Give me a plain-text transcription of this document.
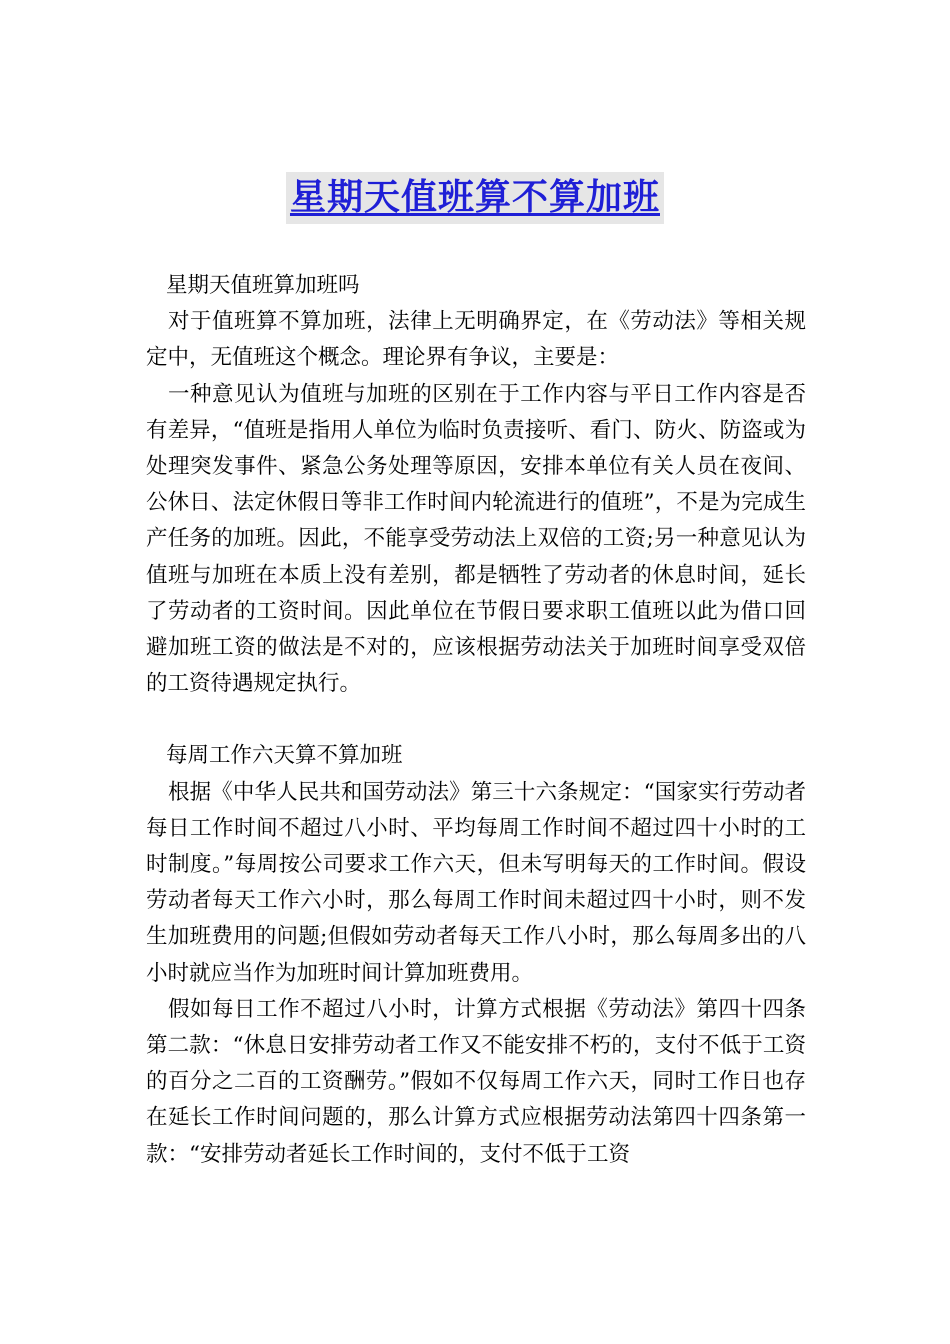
星期天值班算不算加班

星期天值班算加班吗

对于值班算不算加班，法律上无明确界定，在《劳动法》等相关规定中，无值班这个概念。理论界有争议，主要是：

一种意见认为值班与加班的区别在于工作内容与平日工作内容是否有差异，“值班是指用人单位为临时负责接听、看门、防火、防盗或为处理突发事件、紧急公务处理等原因，安排本单位有关人员在夜间、公休日、法定休假日等非工作时间内轮流进行的值班”，不是为完成生产任务的加班。因此，不能享受劳动法上双倍的工资;另一种意见认为值班与加班在本质上没有差别，都是牺牲了劳动者的休息时间，延长了劳动者的工资时间。因此单位在节假日要求职工值班以此为借口回避加班工资的做法是不对的，应该根据劳动法关于加班时间享受双倍的工资待遇规定执行。

每周工作六天算不算加班

根据《中华人民共和国劳动法》第三十六条规定：“国家实行劳动者每日工作时间不超过八小时、平均每周工作时间不超过四十小时的工时制度。”每周按公司要求工作六天，但未写明每天的工作时间。假设劳动者每天工作六小时，那么每周工作时间未超过四十小时，则不发生加班费用的问题;但假如劳动者每天工作八小时，那么每周多出的八小时就应当作为加班时间计算加班费用。

假如每日工作不超过八小时，计算方式根据《劳动法》第四十四条第二款：“休息日安排劳动者工作又不能安排不朽的，支付不低于工资的百分之二百的工资酬劳。”假如不仅每周工作六天，同时工作日也存在延长工作时间问题的，那么计算方式应根据劳动法第四十四条第一款：“安排劳动者延长工作时间的，支付不低于工资
